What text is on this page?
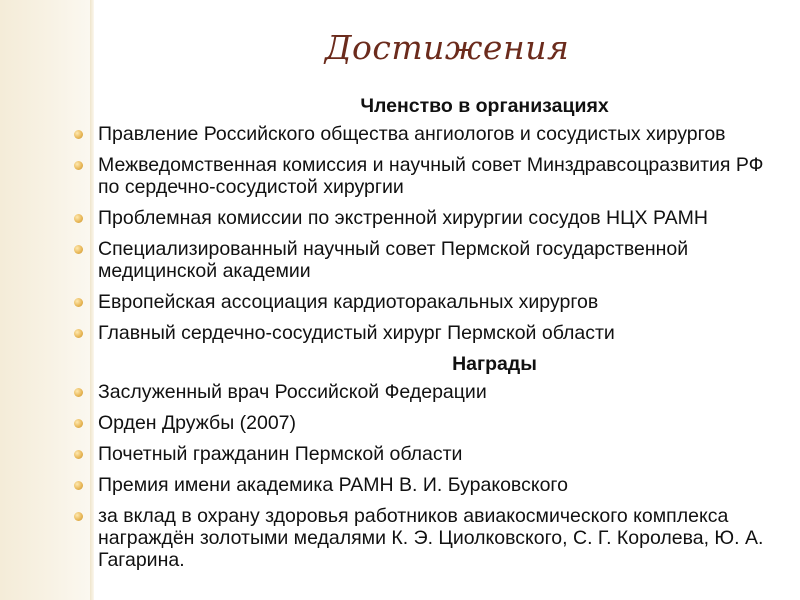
Достижения
Членство в организациях
Правление Российского общества ангиологов и сосудистых хирургов
Межведомственная комиссия и научный совет Минздравсоцразвития РФ по сердечно-сосудистой хирургии
Проблемная комиссии по экстренной хирургии сосудов НЦХ РАМН
Специализированный научный совет Пермской государственной медицинской академии
Европейская ассоциация кардиоторакальных хирургов
Главный сердечно-сосудистый хирург Пермской области
Награды
Заслуженный врач Российской Федерации
Орден Дружбы (2007)
Почетный гражданин Пермской области
Премия имени академика РАМН В. И. Бураковского
за вклад в охрану здоровья работников авиакосмического комплекса награждён золотыми медалями К. Э. Циолковского, С. Г. Королева, Ю. А. Гагарина.
